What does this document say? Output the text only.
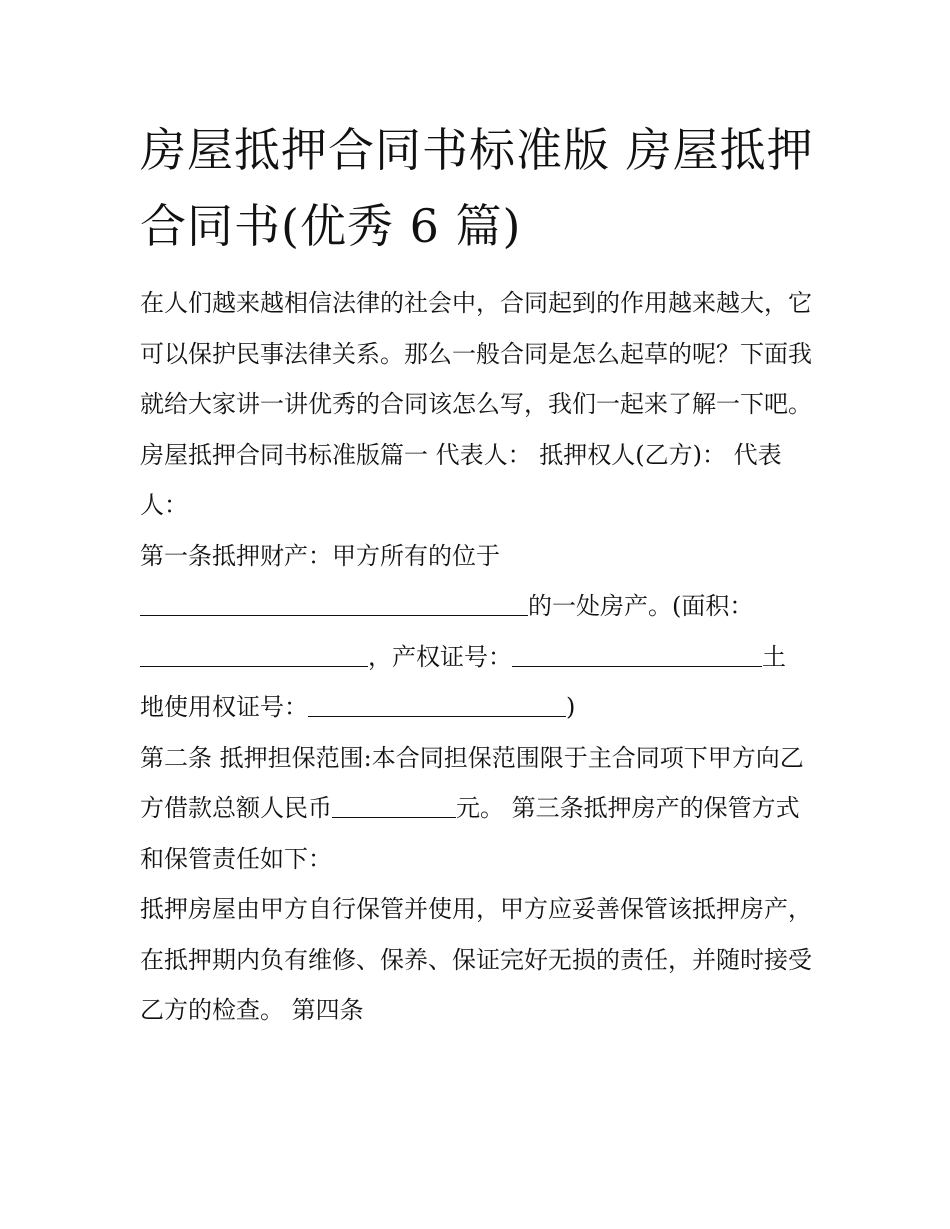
房屋抵押合同书标准版 房屋抵押合同书(优秀 6 篇)

在人们越来越相信法律的社会中，合同起到的作用越来越大，它可以保护民事法律关系。那么一般合同是怎么起草的呢？下面我就给大家讲一讲优秀的合同该怎么写，我们一起来了解一下吧。

房屋抵押合同书标准版篇一 代表人： 抵押权人(乙方)： 代表人：

第一条抵押财产：甲方所有的位于
的一处房产。(面积：
，产权证号：	土
地使用权证号：	)

第二条 抵押担保范围:本合同担保范围限于主合同项下甲方向乙方借款总额人民币	元。 第三条抵押房产的保管方式和保管责任如下：

抵押房屋由甲方自行保管并使用，甲方应妥善保管该抵押房产，在抵押期内负有维修、保养、保证完好无损的责任，并随时接受乙方的检查。 第四条
